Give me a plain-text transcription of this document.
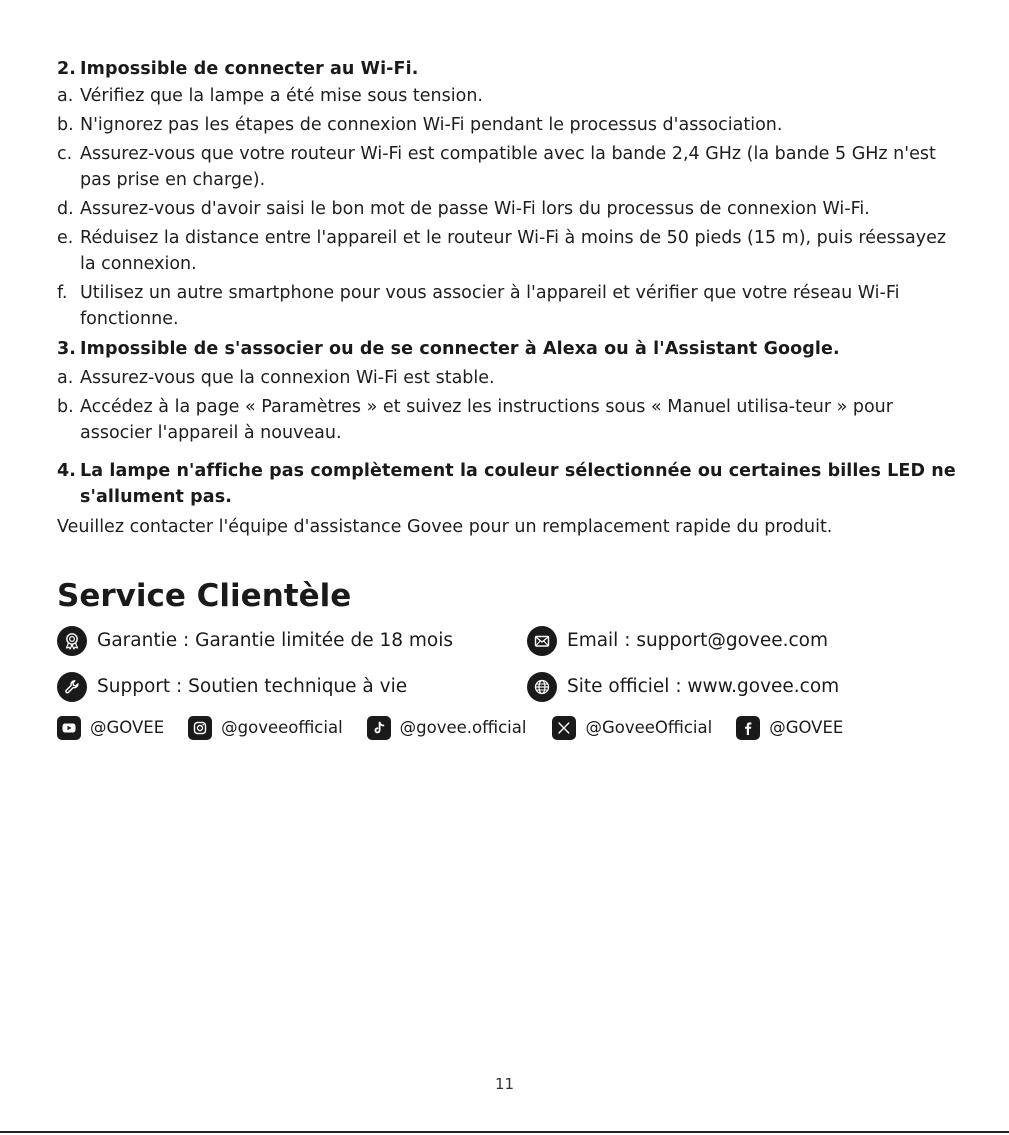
2. Impossible de connecter au Wi-Fi.
a. Vérifiez que la lampe a été mise sous tension.
b. N'ignorez pas les étapes de connexion Wi-Fi pendant le processus d'association.
c. Assurez-vous que votre routeur Wi-Fi est compatible avec la bande 2,4 GHz (la bande 5 GHz n'est pas prise en charge).
d. Assurez-vous d'avoir saisi le bon mot de passe Wi-Fi lors du processus de connexion Wi-Fi.
e. Réduisez la distance entre l'appareil et le routeur Wi-Fi à moins de 50 pieds (15 m), puis réessayez la connexion.
f. Utilisez un autre smartphone pour vous associer à l'appareil et vérifier que votre réseau Wi-Fi fonctionne.
3. Impossible de s'associer ou de se connecter à Alexa ou à l'Assistant Google.
a. Assurez-vous que la connexion Wi-Fi est stable.
b. Accédez à la page « Paramètres » et suivez les instructions sous « Manuel utilisa-teur » pour associer l'appareil à nouveau.
4. La lampe n'affiche pas complètement la couleur sélectionnée ou certaines billes LED ne s'allument pas.
Veuillez contacter l'équipe d'assistance Govee pour un remplacement rapide du produit.
Service Clientèle
Garantie : Garantie limitée de 18 mois	Email : support@govee.com
Support : Soutien technique à vie	Site officiel : www.govee.com
@GOVEE	@goveeofficial	@govee.official	@GoveeOfficial	@GOVEE
11
